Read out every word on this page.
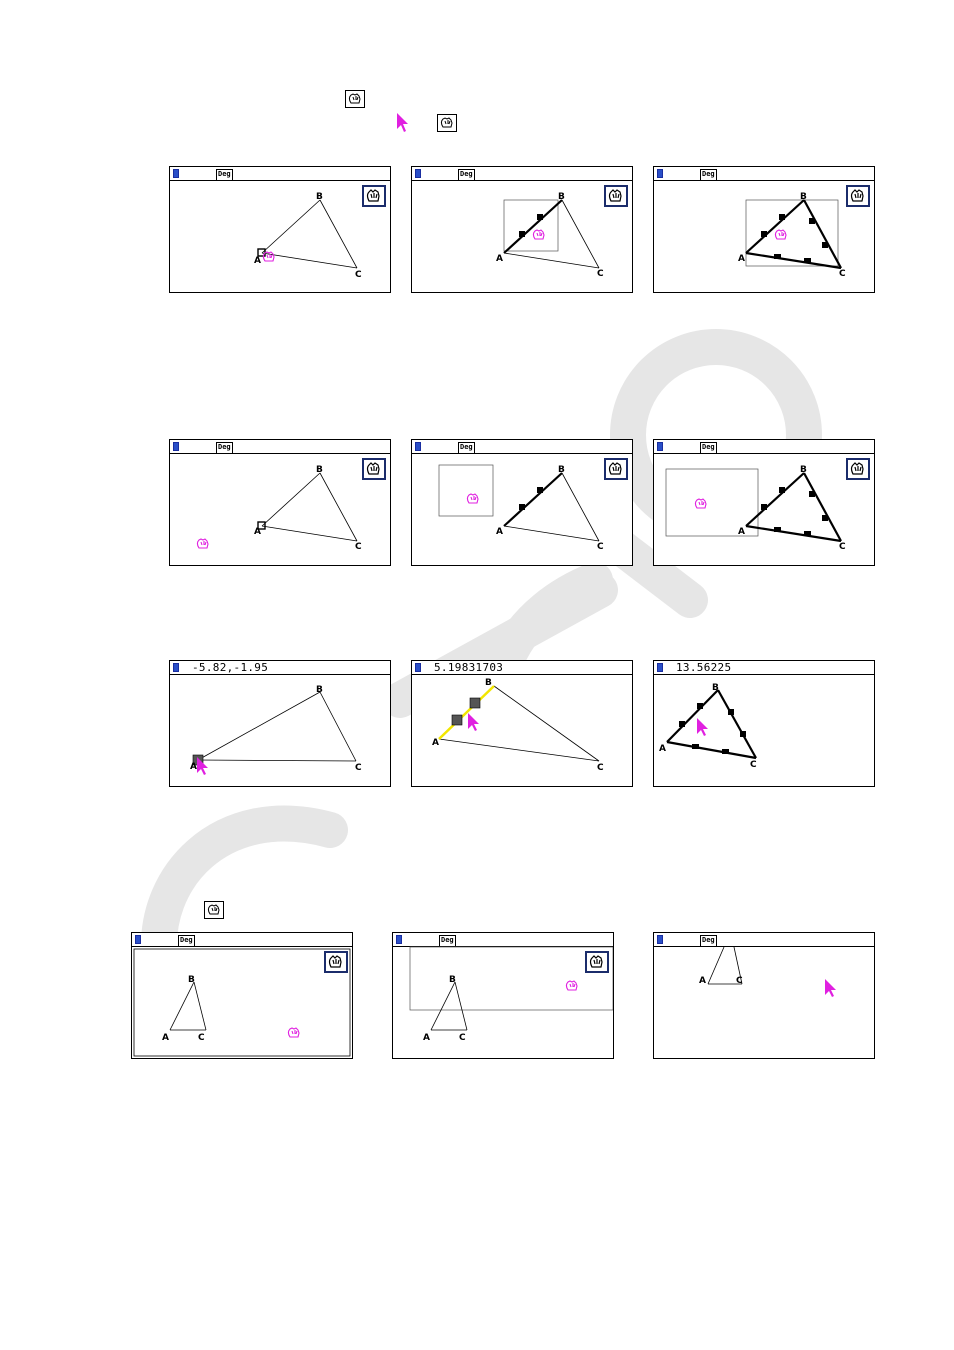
Deg
B
A
C
Deg
B
A
C
Deg
B
A
C
Deg
B
A
C
Deg
B
A
C
Deg
B
A
C
-5.82,-1.95
B
A	C
5.19831703
B
A
C
13.56225
B
A
C
Deg
B
A	C
Deg
B
A	C
Deg
A	C
